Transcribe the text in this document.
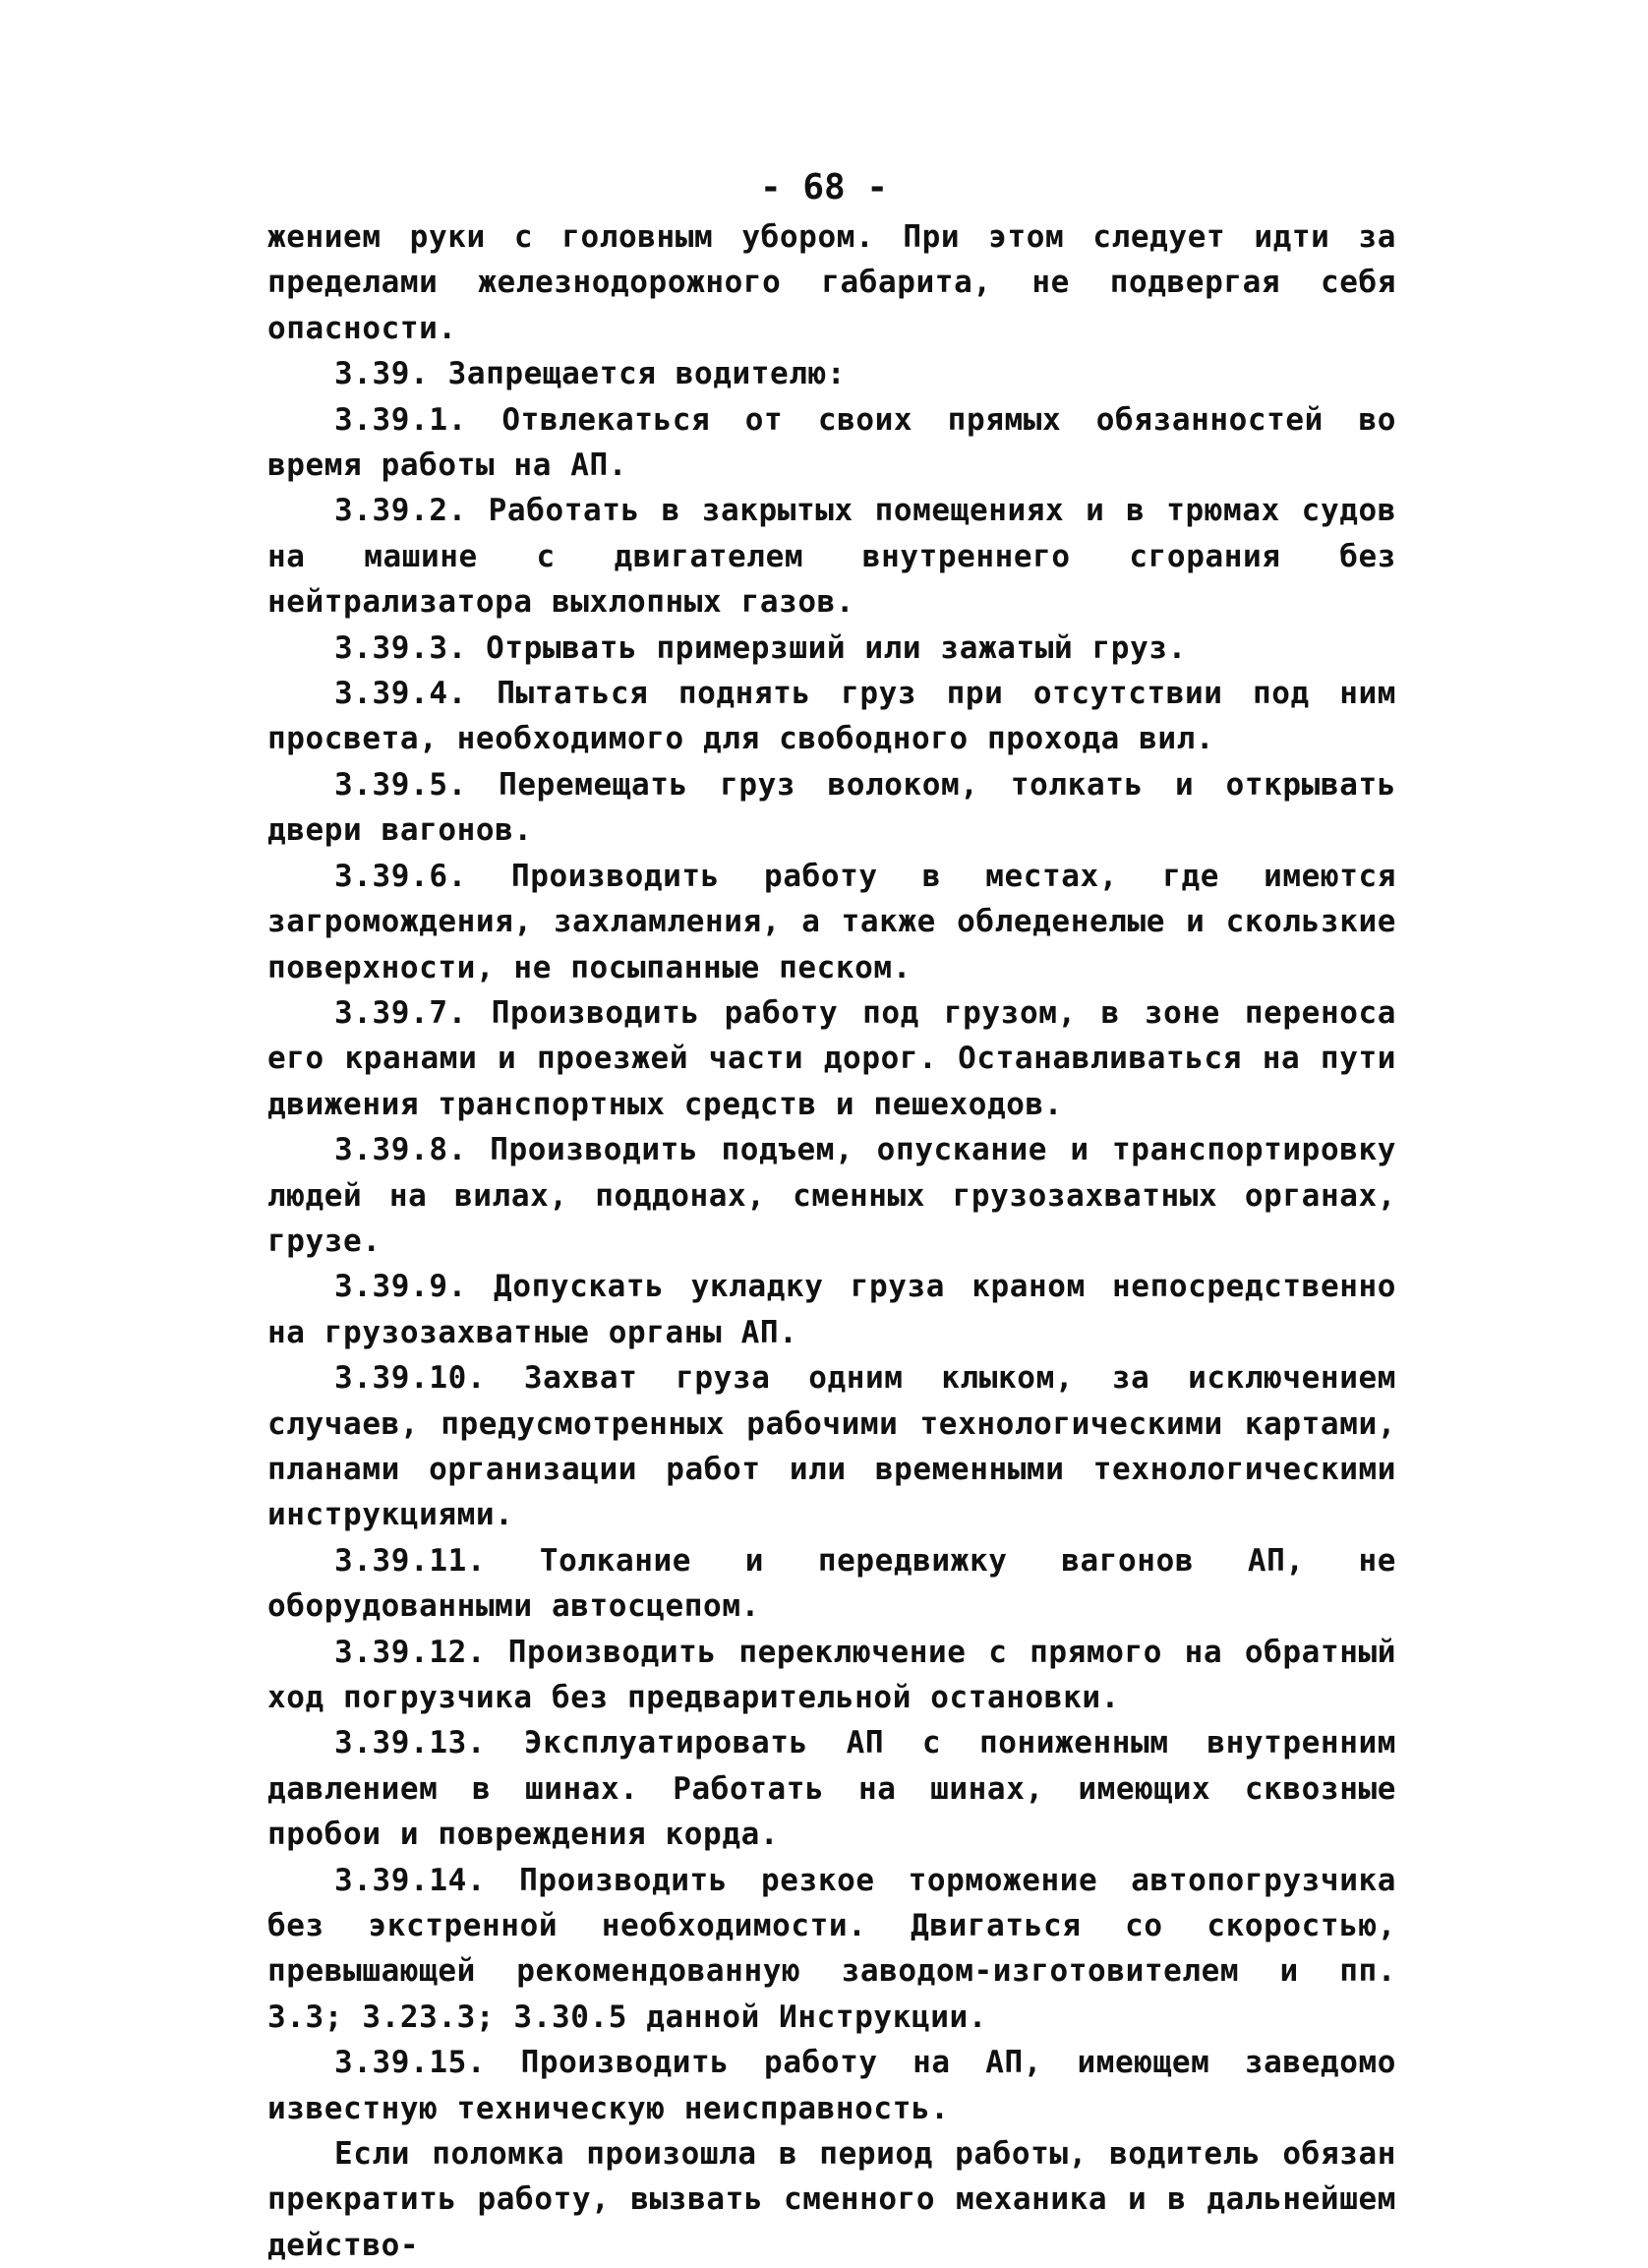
- 68 -

жением руки с головным убором. При этом следует идти за пределами железнодорожного габарита, не подвергая себя опасности.

3.39. Запрещается водителю:

3.39.1. Отвлекаться от своих прямых обязанностей во время работы на АП.

3.39.2. Работать в закрытых помещениях и в трюмах судов на машине с двигателем внутреннего сгорания без нейтрализатора выхлопных газов.

3.39.3. Отрывать примерзший или зажатый груз.

3.39.4. Пытаться поднять груз при отсутствии под ним просвета, необходимого для свободного прохода вил.

3.39.5. Перемещать груз волоком, толкать и открывать двери вагонов.

3.39.6. Производить работу в местах, где имеются загромождения, захламления, а также обледенелые и скользкие поверхности, не посыпанные песком.

3.39.7. Производить работу под грузом, в зоне переноса его кранами и проезжей части дорог. Останавливаться на пути движения транспортных средств и пешеходов.

3.39.8. Производить подъем, опускание и транспортировку людей на вилах, поддонах, сменных грузозахватных органах, грузе.

3.39.9. Допускать укладку груза краном непосредственно на грузозахватные органы АП.

3.39.10. Захват груза одним клыком, за исключением случаев, предусмотренных рабочими технологическими картами, планами организации работ или временными технологическими инструкциями.

3.39.11. Толкание и передвижку вагонов АП, не оборудованными автосцепом.

3.39.12. Производить переключение с прямого на обратный ход погрузчика без предварительной остановки.

3.39.13. Эксплуатировать АП с пониженным внутренним давлением в шинах. Работать на шинах, имеющих сквозные пробои и повреждения корда.

3.39.14. Производить резкое торможение автопогрузчика без экстренной необходимости. Двигаться со скоростью, превышающей рекомендованную заводом-изготовителем и пп. 3.3; 3.23.3; 3.30.5 данной Инструкции.

3.39.15. Производить работу на АП, имеющем заведомо известную техническую неисправность.

Если поломка произошла в период работы, водитель обязан прекратить работу, вызвать сменного механика и в дальнейшем действо-
